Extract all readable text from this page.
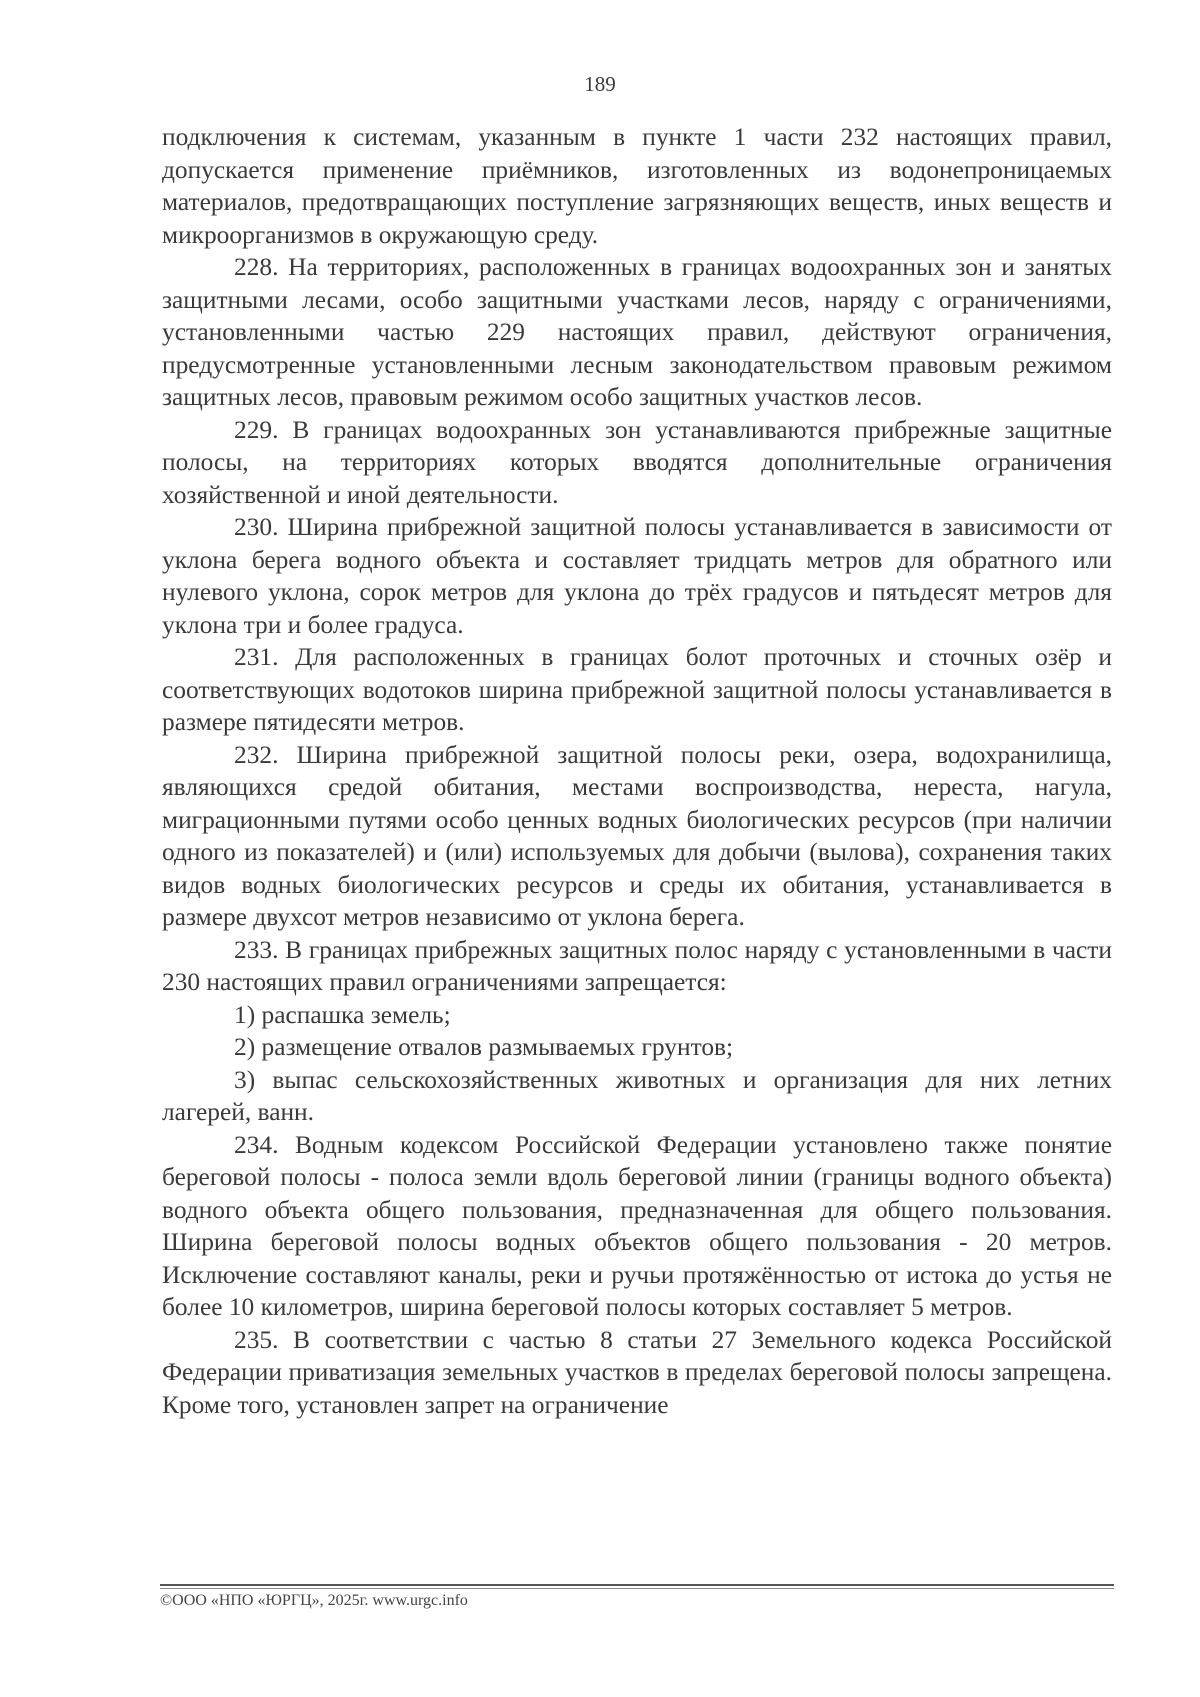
189

подключения к системам, указанным в пункте 1 части 232 настоящих правил, допускается применение приёмников, изготовленных из водонепроницаемых материалов, предотвращающих поступление загрязняющих веществ, иных веществ и микроорганизмов в окружающую среду.

228. На территориях, расположенных в границах водоохранных зон и занятых защитными лесами, особо защитными участками лесов, наряду с ограничениями, установленными частью 229 настоящих правил, действуют ограничения, предусмотренные установленными лесным законодательством правовым режимом защитных лесов, правовым режимом особо защитных участков лесов.

229. В границах водоохранных зон устанавливаются прибрежные защитные полосы, на территориях которых вводятся дополнительные ограничения хозяйственной и иной деятельности.

230. Ширина прибрежной защитной полосы устанавливается в зависимости от уклона берега водного объекта и составляет тридцать метров для обратного или нулевого уклона, сорок метров для уклона до трёх градусов и пятьдесят метров для уклона три и более градуса.

231. Для расположенных в границах болот проточных и сточных озёр и соответствующих водотоков ширина прибрежной защитной полосы устанавливается в размере пятидесяти метров.

232. Ширина прибрежной защитной полосы реки, озера, водохранилища, являющихся средой обитания, местами воспроизводства, нереста, нагула, миграционными путями особо ценных водных биологических ресурсов (при наличии одного из показателей) и (или) используемых для добычи (вылова), сохранения таких видов водных биологических ресурсов и среды их обитания, устанавливается в размере двухсот метров независимо от уклона берега.

233. В границах прибрежных защитных полос наряду с установленными в части 230 настоящих правил ограничениями запрещается:

1) распашка земель;

2) размещение отвалов размываемых грунтов;

3) выпас сельскохозяйственных животных и организация для них летних лагерей, ванн.

234. Водным кодексом Российской Федерации установлено также понятие береговой полосы - полоса земли вдоль береговой линии (границы водного объекта) водного объекта общего пользования, предназначенная для общего пользования. Ширина береговой полосы водных объектов общего пользования - 20 метров. Исключение составляют каналы, реки и ручьи протяжённостью от истока до устья не более 10 километров, ширина береговой полосы которых составляет 5 метров.

235. В соответствии с частью 8 статьи 27 Земельного кодекса Российской Федерации приватизация земельных участков в пределах береговой полосы запрещена. Кроме того, установлен запрет на ограничение

©ООО «НПО «ЮРГЦ», 2025г. www.urgc.info
